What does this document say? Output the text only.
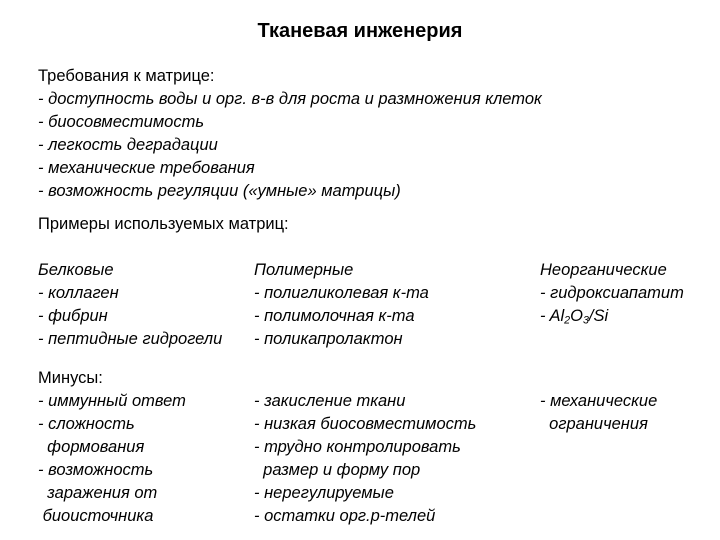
Тканевая инженерия
Требования к матрице:
- доступность воды и орг. в-в для роста и размножения клеток
- биосовместимость
- легкость деградации
- механические требования
- возможность регуляции («умные» матрицы)
Примеры используемых матриц:
Белковые
- коллаген
- фибрин
- пептидные гидрогели
Полимерные
- полигликолевая к-та
- полимолочная к-та
- поликапролактон
Неорганические
- гидроксиапатит
- $Al_2O_3/Si$
Минусы:
- иммунный ответ
- сложность
формования
- возможность
заражения от
биоисточника
- закисление ткани
- низкая биосовместимость
- трудно контролировать
размер и форму пор
- нерегулируемые
- остатки орг.р-телей
- механические
ограничения
